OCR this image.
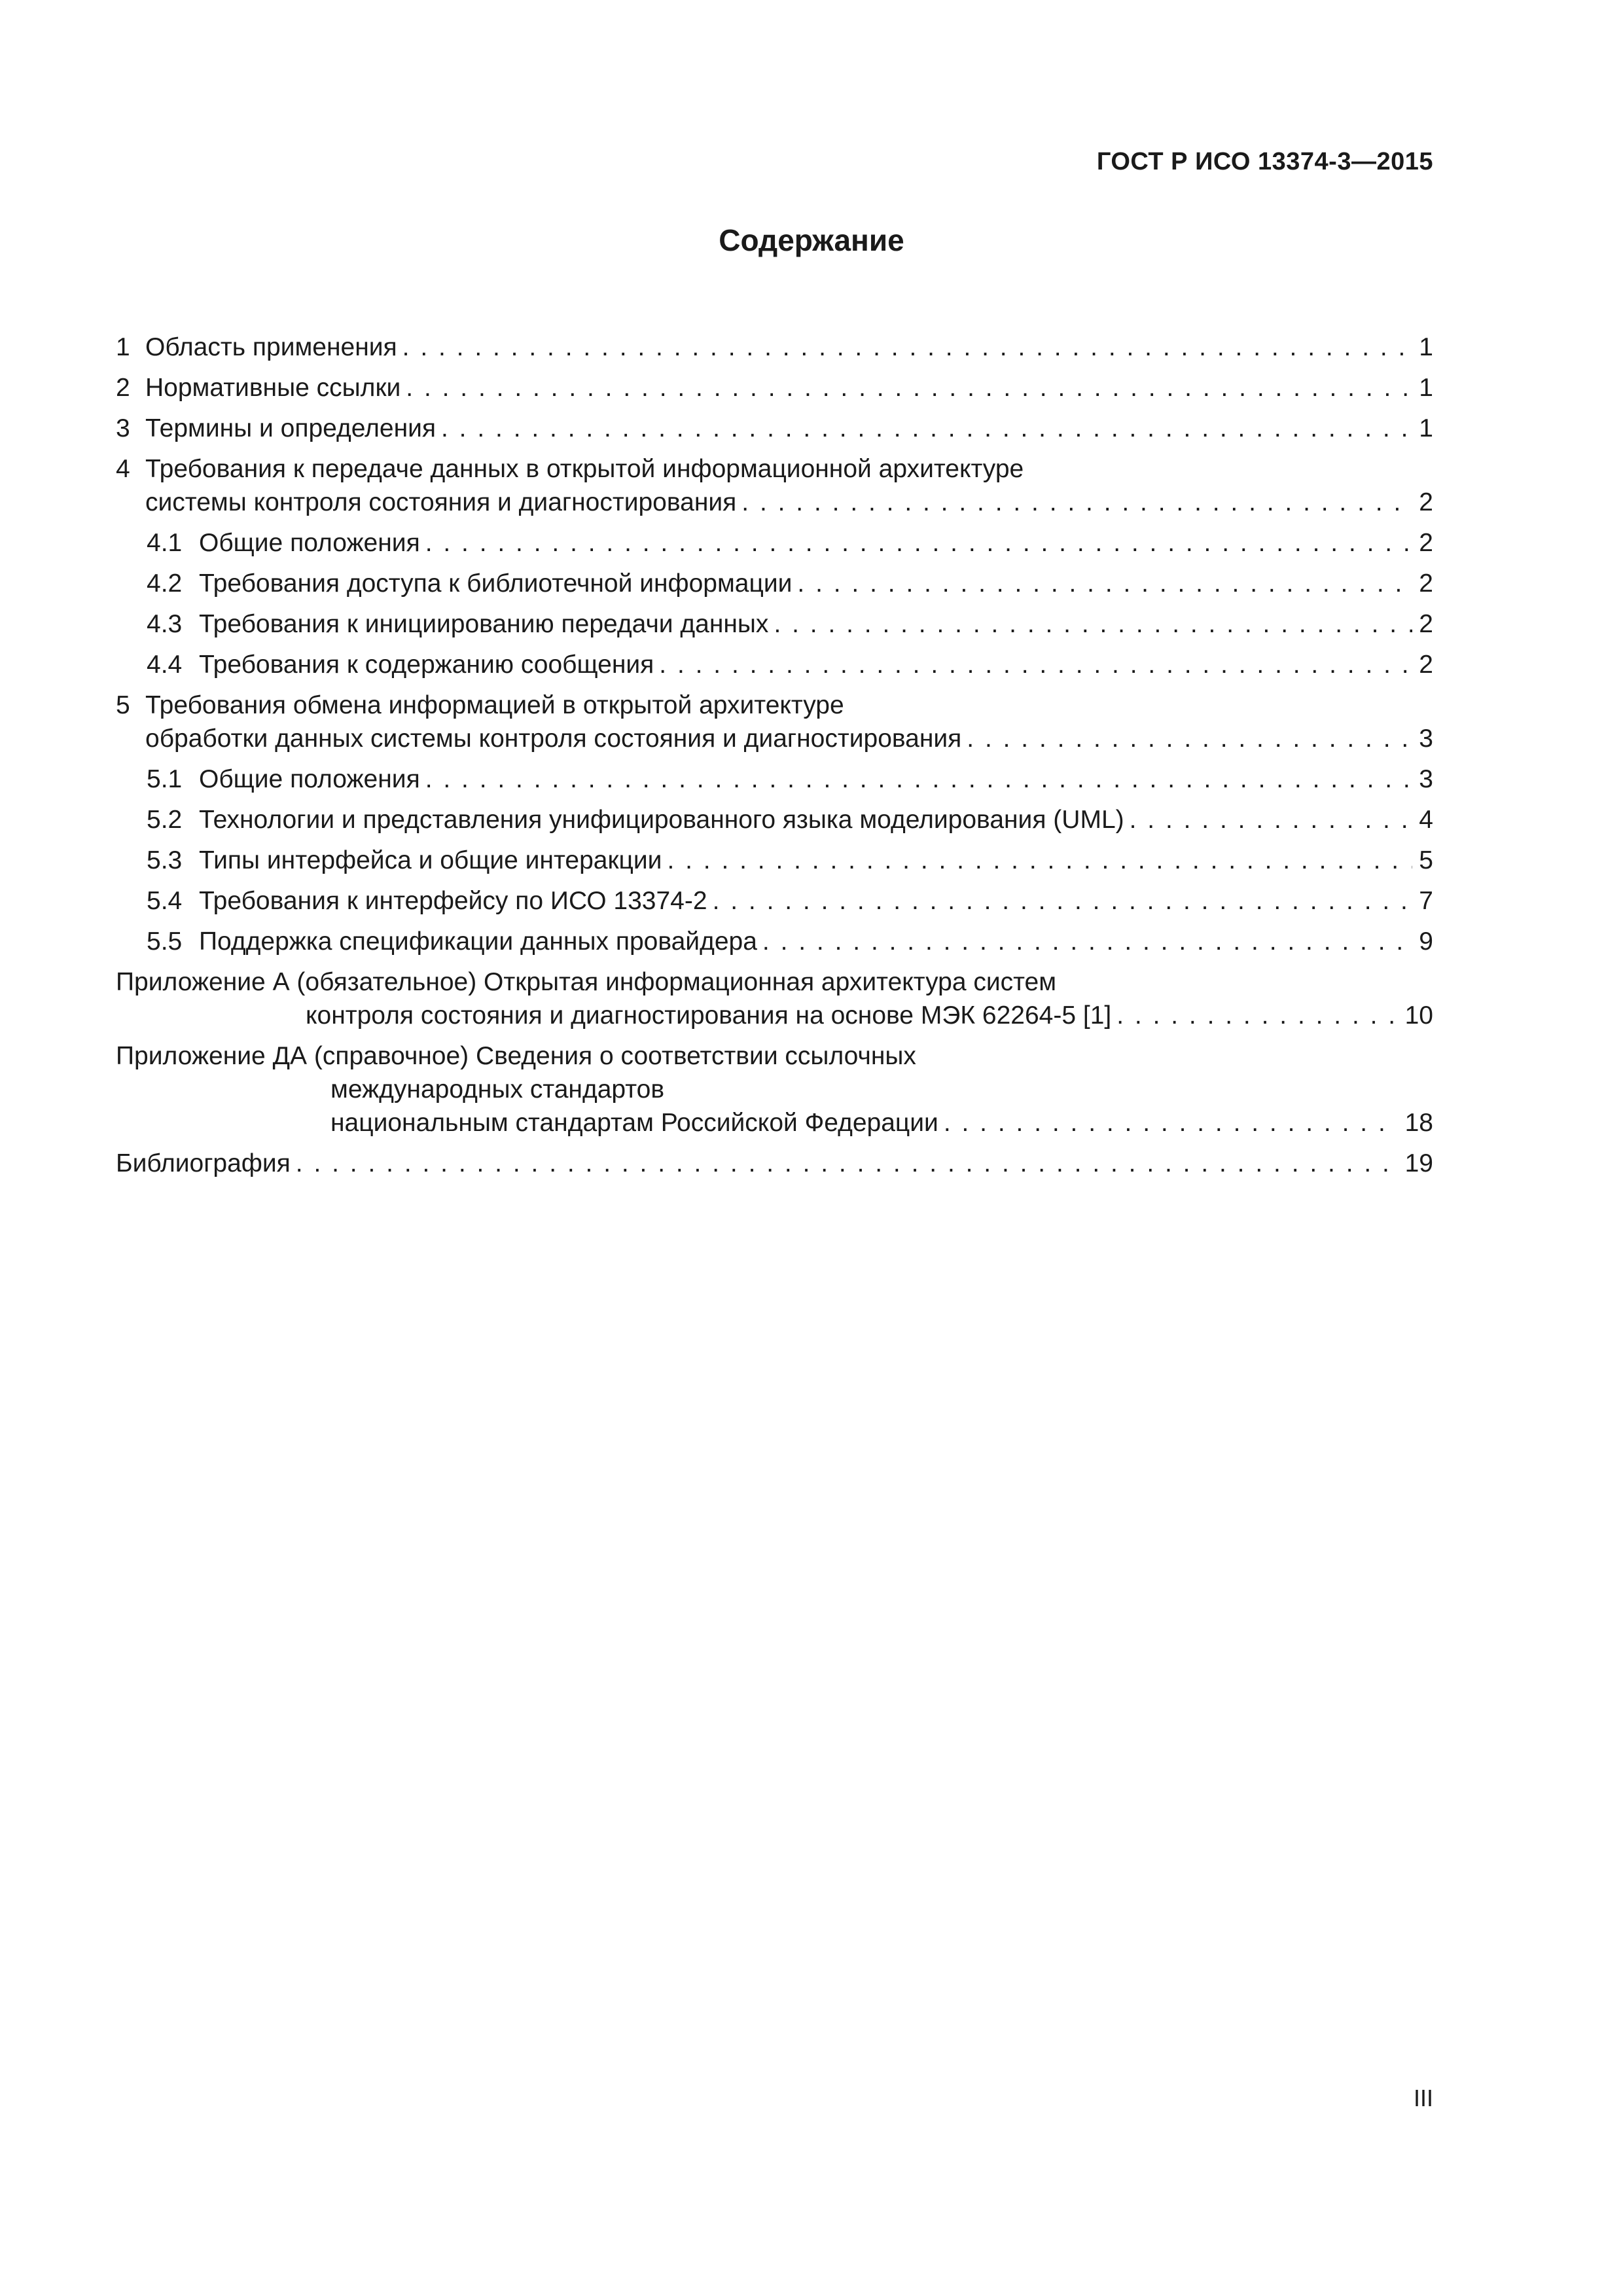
ГОСТ Р ИСО 13374-3—2015
Содержание
1 Область применения . . .	1
2 Нормативные ссылки . . .	1
3 Термины и определения . . .	1
4 Требования к передаче данных в открытой информационной архитектуре
системы контроля состояния и диагностирования . . .	2
4.1 Общие положения . . .	2
4.2 Требования доступа к библиотечной информации . . .	2
4.3 Требования к инициированию передачи данных . . .	2
4.4 Требования к содержанию сообщения . . .	2
5 Требования обмена информацией в открытой архитектуре
обработки данных системы контроля состояния и диагностирования . . .	3
5.1 Общие положения . . .	3
5.2 Технологии и представления унифицированного языка моделирования (UML) . . .	4
5.3 Типы интерфейса и общие интеракции . . .	5
5.4 Требования к интерфейсу по ИСО 13374-2 . . .	7
5.5 Поддержка спецификации данных провайдера . . .	9
Приложение А (обязательное) Открытая информационная архитектура систем
контроля состояния и диагностирования на основе МЭК 62264-5 [1] . . .	10
Приложение ДА (справочное) Сведения о соответствии ссылочных
международных стандартов
национальным стандартам Российской Федерации . . .	18
Библиография . . .	19
III
